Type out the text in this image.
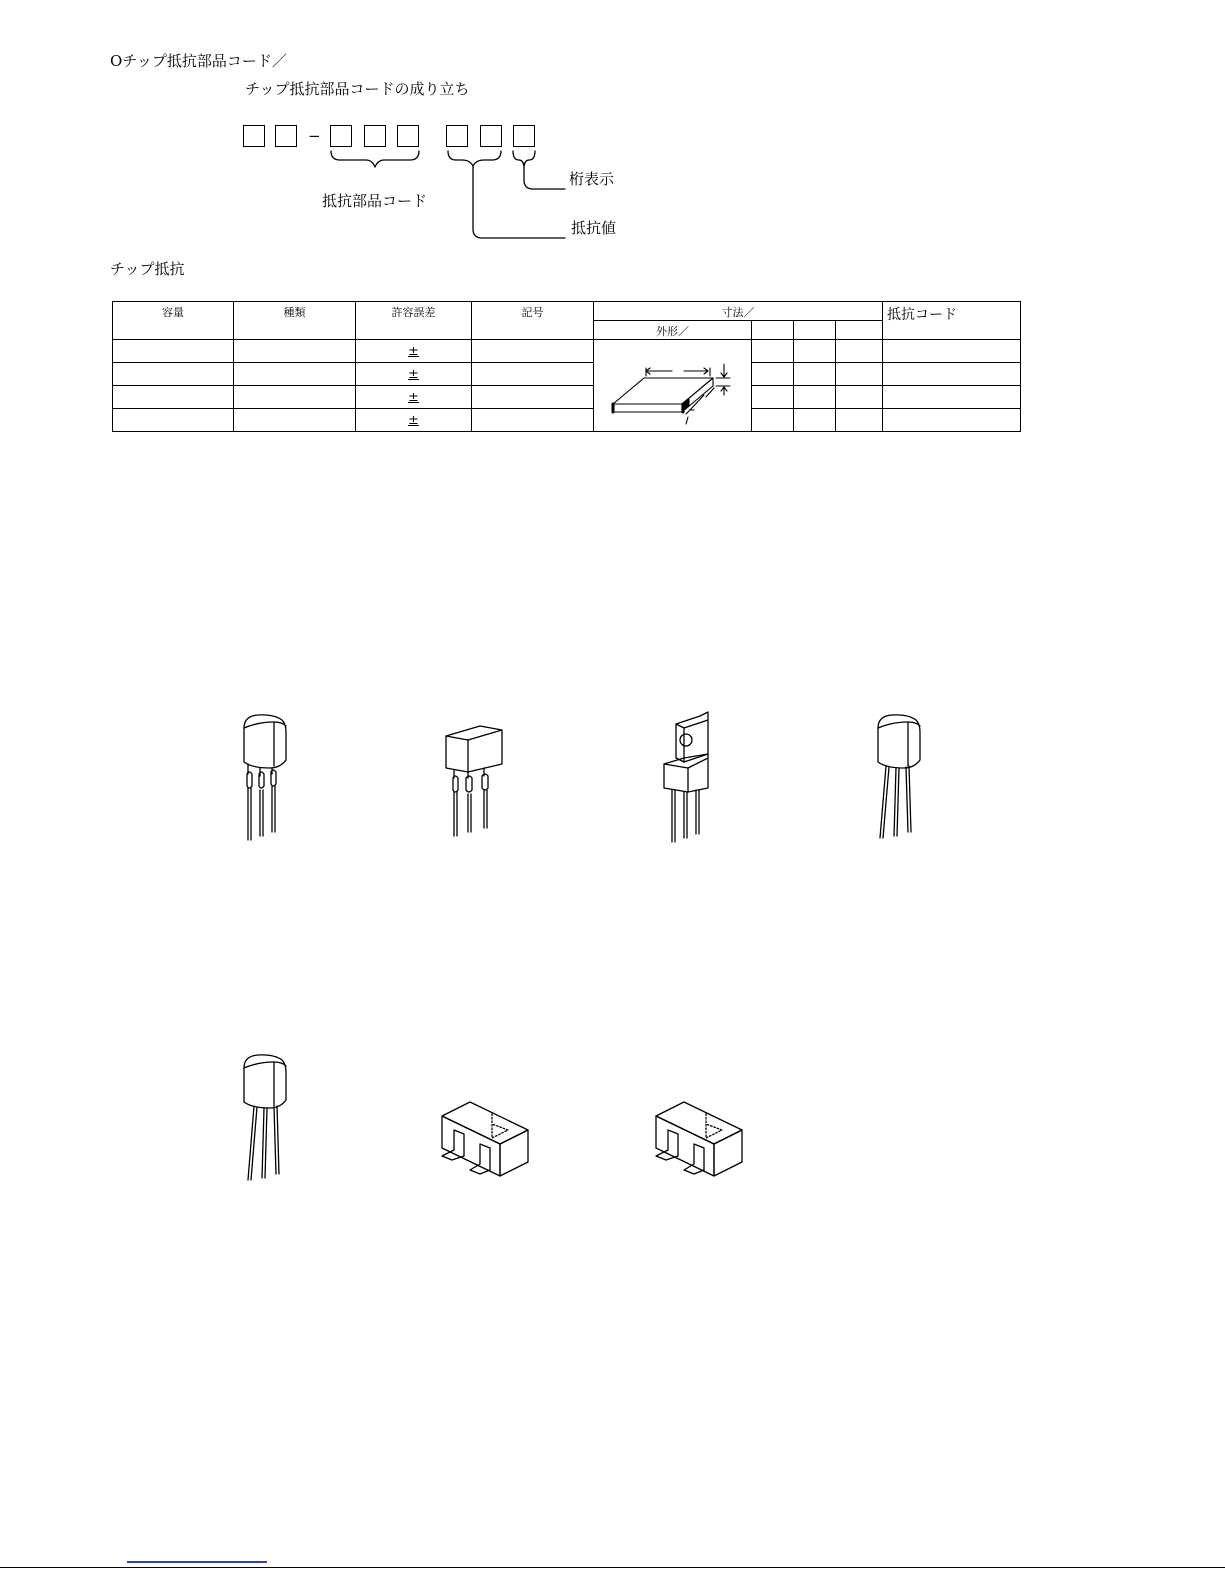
Oチップ抵抗部品コード／
チップ抵抗部品コードの成り立ち
−
桁表示
抵抗部品コード
抵抗値
チップ抵抗
容量	種類	許容誤差	記号	寸法／				抵抗コード
				外形／				
		±						
		±						
		±						
		±						
